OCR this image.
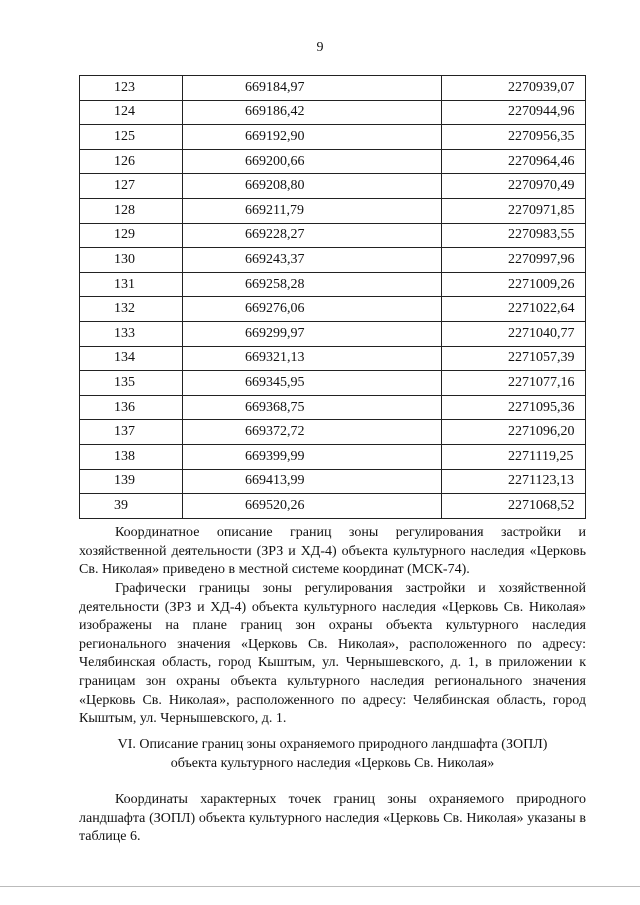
9
123	669184,97	2270939,07
124	669186,42	2270944,96
125	669192,90	2270956,35
126	669200,66	2270964,46
127	669208,80	2270970,49
128	669211,79	2270971,85
129	669228,27	2270983,55
130	669243,37	2270997,96
131	669258,28	2271009,26
132	669276,06	2271022,64
133	669299,97	2271040,77
134	669321,13	2271057,39
135	669345,95	2271077,16
136	669368,75	2271095,36
137	669372,72	2271096,20
138	669399,99	2271119,25
139	669413,99	2271123,13
39	669520,26	2271068,52

Координатное описание границ зоны регулирования застройки и хозяйственной деятельности (ЗРЗ и ХД-4) объекта культурного наследия «Церковь Св. Николая» приведено в местной системе координат (МСК-74).

Графически границы зоны регулирования застройки и хозяйственной деятельности (ЗРЗ и ХД-4) объекта культурного наследия «Церковь Св. Николая» изображены на плане границ зон охраны объекта культурного наследия регионального значения «Церковь Св. Николая», расположенного по адресу: Челябинская область, город Кыштым, ул. Чернышевского, д. 1, в приложении к границам зон охраны объекта культурного наследия регионального значения «Церковь Св. Николая», расположенного по адресу: Челябинская область, город Кыштым, ул. Чернышевского, д. 1.

VI. Описание границ зоны охраняемого природного ландшафта (ЗОПЛ)
объекта культурного наследия «Церковь Св. Николая»

Координаты характерных точек границ зоны охраняемого природного ландшафта (ЗОПЛ) объекта культурного наследия «Церковь Св. Николая» указаны в таблице 6.
